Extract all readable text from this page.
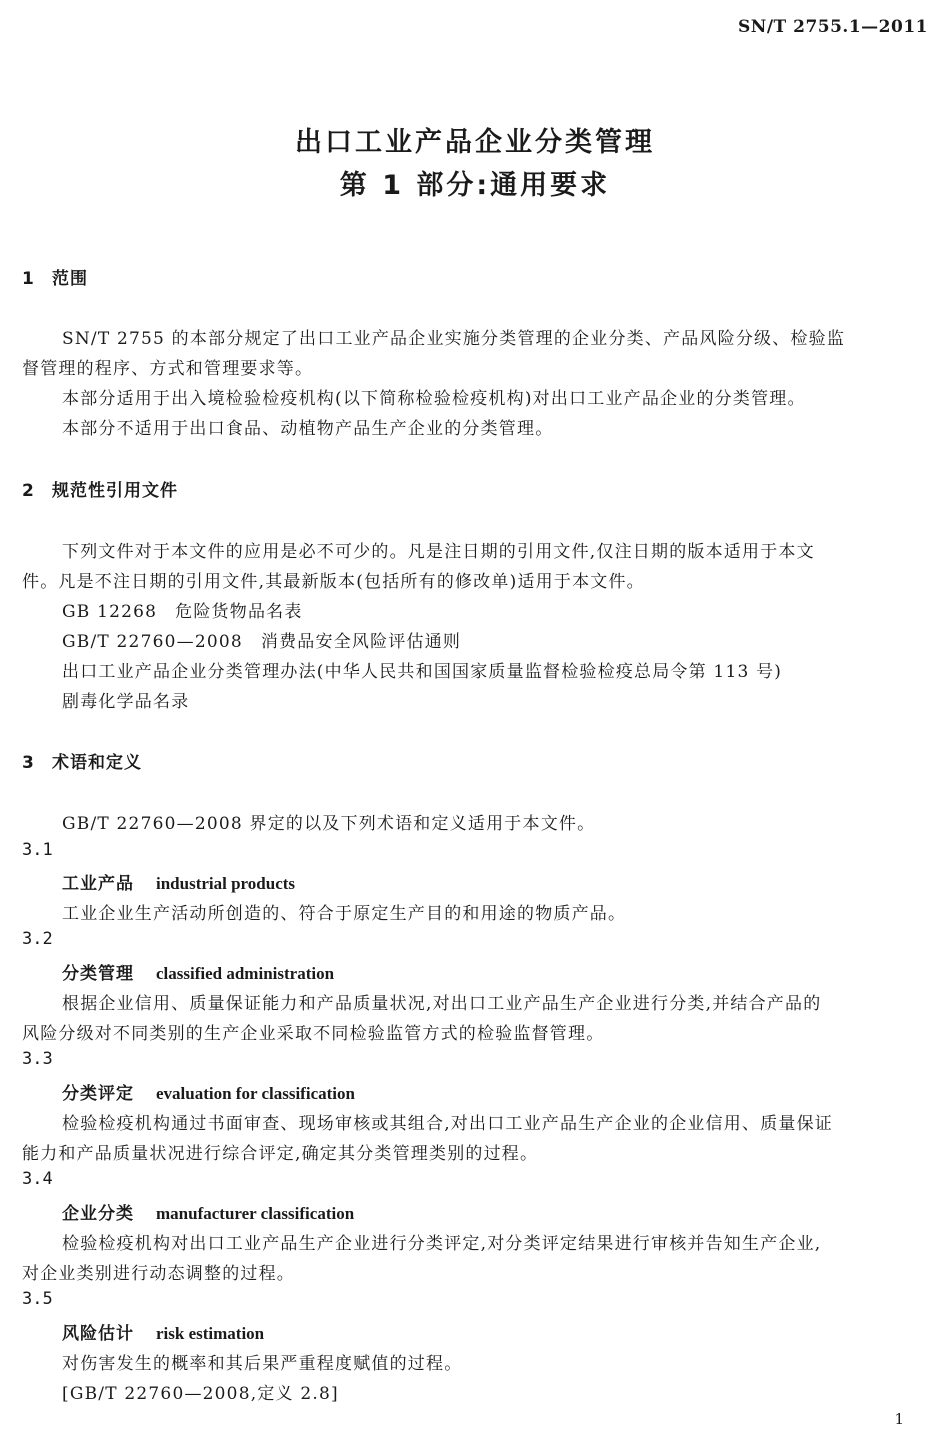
SN/T 2755.1—2011
出口工业产品企业分类管理
第 1 部分:通用要求
1 范围
SN/T 2755 的本部分规定了出口工业产品企业实施分类管理的企业分类、产品风险分级、检验监
督管理的程序、方式和管理要求等。
本部分适用于出入境检验检疫机构(以下简称检验检疫机构)对出口工业产品企业的分类管理。
本部分不适用于出口食品、动植物产品生产企业的分类管理。
2 规范性引用文件
下列文件对于本文件的应用是必不可少的。凡是注日期的引用文件,仅注日期的版本适用于本文
件。凡是不注日期的引用文件,其最新版本(包括所有的修改单)适用于本文件。
GB 12268 危险货物品名表
GB/T 22760—2008 消费品安全风险评估通则
出口工业产品企业分类管理办法(中华人民共和国国家质量监督检验检疫总局令第 113 号)
剧毒化学品名录
3 术语和定义
GB/T 22760—2008 界定的以及下列术语和定义适用于本文件。
3.1
工业产品 industrial products
工业企业生产活动所创造的、符合于原定生产目的和用途的物质产品。
3.2
分类管理 classified administration
根据企业信用、质量保证能力和产品质量状况,对出口工业产品生产企业进行分类,并结合产品的
风险分级对不同类别的生产企业采取不同检验监管方式的检验监督管理。
3.3
分类评定 evaluation for classification
检验检疫机构通过书面审查、现场审核或其组合,对出口工业产品生产企业的企业信用、质量保证
能力和产品质量状况进行综合评定,确定其分类管理类别的过程。
3.4
企业分类 manufacturer classification
检验检疫机构对出口工业产品生产企业进行分类评定,对分类评定结果进行审核并告知生产企业,
对企业类别进行动态调整的过程。
3.5
风险估计 risk estimation
对伤害发生的概率和其后果严重程度赋值的过程。
[GB/T 22760—2008,定义 2.8]
1
